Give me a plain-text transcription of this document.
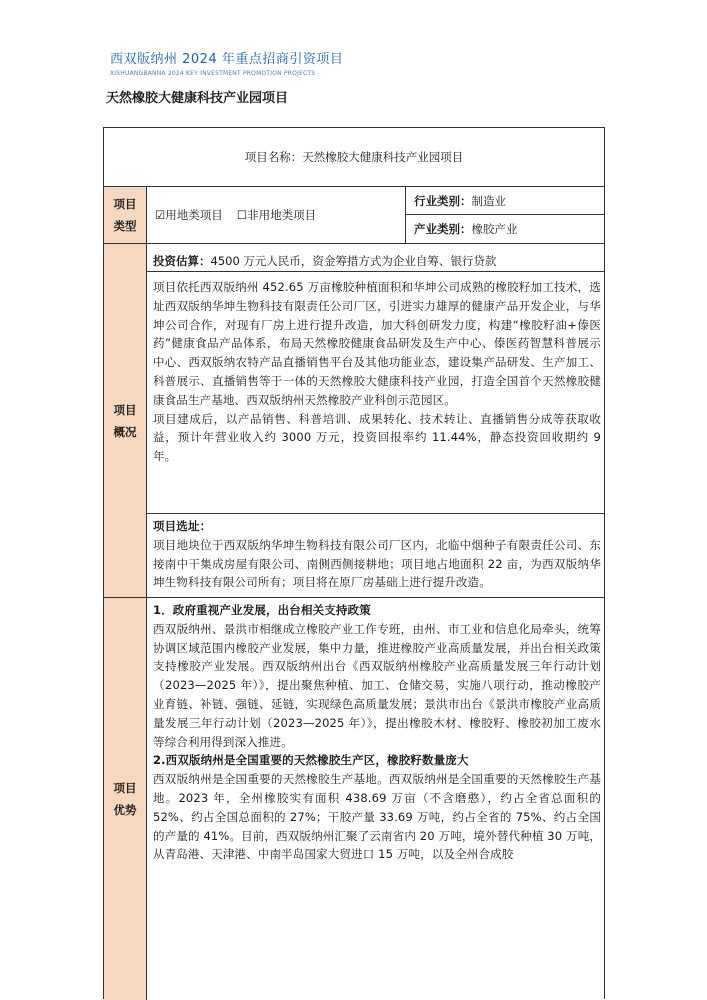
西双版纳州 2024 年重点招商引资项目
XISHUANGBANNA 2024 KEY INVESTMENT PROMOTION PROJECTS
天然橡胶大健康科技产业园项目
项目名称：天然橡胶大健康科技产业园项目
项目类型
☑用地类项目 ☐非用地类项目
行业类别： 制造业
产业类别： 橡胶产业
项目概况
投资估算：4500 万元人民币，资金筹措方式为企业自筹、银行贷款

项目依托西双版纳州 452.65 万亩橡胶种植面积和华坤公司成熟的橡胶籽加工技术，选址西双版纳华坤生物科技有限责任公司厂区，引进实力雄厚的健康产品开发企业，与华坤公司合作，对现有厂房上进行提升改造，加大科创研发力度，构建“橡胶籽油+傣医药”健康食品产品体系，布局天然橡胶健康食品研发及生产中心、傣医药智慧科普展示中心、西双版纳农特产品直播销售平台及其他功能业态，建设集产品研发、生产加工、科普展示、直播销售等于一体的天然橡胶大健康科技产业园，打造全国首个天然橡胶健康食品生产基地、西双版纳州天然橡胶产业科创示范园区。

项目建成后，以产品销售、科普培训、成果转化、技术转让、直播销售分成等获取收益，预计年营业收入约 3000 万元，投资回报率约 11.44%，静态投资回收期约 9 年。

项目选址：

项目地块位于西双版纳华坤生物科技有限公司厂区内，北临中烟种子有限责任公司、东接南中干集成房屋有限公司、南侧西侧接耕地；项目地占地面积 22 亩，为西双版纳华坤生物科技有限公司所有；项目将在原厂房基础上进行提升改造。

项目优势

1．政府重视产业发展，出台相关支持政策

西双版纳州、景洪市相继成立橡胶产业工作专班，由州、市工业和信息化局牵头，统筹协调区域范围内橡胶产业发展，集中力量，推进橡胶产业高质量发展，并出台相关政策支持橡胶产业发展。西双版纳州出台《西双版纳州橡胶产业高质量发展三年行动计划（2023—2025 年）》，提出聚焦种植、加工、仓储交易，实施八项行动，推动橡胶产业育链、补链、强链、延链，实现绿色高质量发展；景洪市出台《景洪市橡胶产业高质量发展三年行动计划（2023—2025 年）》，提出橡胶木材、橡胶籽、橡胶初加工废水等综合利用得到深入推进。

2.西双版纳州是全国重要的天然橡胶生产区，橡胶籽数量庞大

西双版纳州是全国重要的天然橡胶生产基地。西双版纳州是全国重要的天然橡胶生产基地。2023 年，全州橡胶实有面积 438.69 万亩（不含磨憨），约占全省总面积的 52%、约占全国总面积的 27%；干胶产量 33.69 万吨，约占全省的 75%、约占全国的产量的 41%。目前，西双版纳州汇聚了云南省内 20 万吨，境外替代种植 30 万吨，从青岛港、天津港、中南半岛国家大贸进口 15 万吨，以及全州合成胶
